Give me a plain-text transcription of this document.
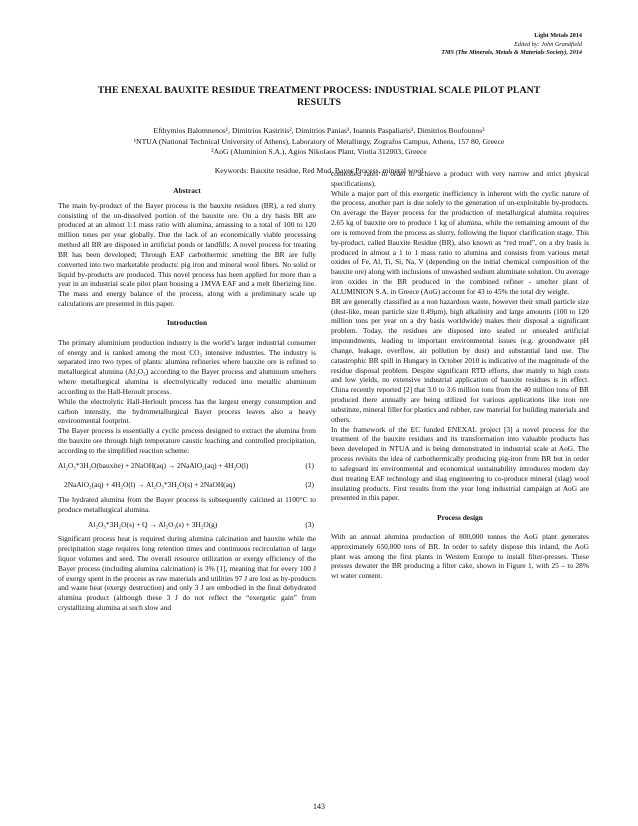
Light Metals 2014
Edited by: John Grandfield
TMS (The Minerals, Metals & Materials Society), 2014
THE ENEXAL BAUXITE RESIDUE TREATMENT PROCESS: INDUSTRIAL SCALE PILOT PLANT
RESULTS
Efthymios Balomnenos¹, Dimitrios Kastritis², Dimitrios Panias¹, Ioannis Paspaliaris¹, Dimitrios Boufounos²
¹NTUA (National Technical University of Athens), Laboratory of Metallurgy, Zografos Campus, Athens, 157 80, Greece
²AoG (Aluminion S.A.), Agios Nikolaos Plant, Viotia 312003, Greece
Keywords: Bauxite residue, Red Mud, Bayer Process, mineral wool

Abstract

The main by-product of the Bayer process is the bauxite residues (BR), a red slurry consisting of the un-dissolved portion of the bauxite ore. On a dry basis BR are produced at an almost 1:1 mass ratio with alumina, amassing to a total of 100 to 120 million tones per year globally. Due the lack of an economically viable processing method all BR are disposed in artificial ponds or landfills. A novel process for treating BR has been developed; Through EAF carbothermic smelting the BR are fully converted into two marketable products: pig iron and mineral wool fibers. No solid or liquid by-products are produced. This novel process has been applied for more than a year in an industrial scale pilot plant housing a 1MVA EAF and a melt fiberizing line. The mass and energy balance of the process, along with a preliminary scale up calculations are presented in this paper.

Introduction

The primary aluminium production industry is the world’s larger industrial consumer of energy and is ranked among the most CO₂ intensive industries. The industry is separated into two types of plants: alumina refineries where bauxite ore is refined to metallurgical alumina (Al₂O₃) according to the Bayer process and aluminum smelters where metallurgical alumina is electrolytically reduced into metallic aluminum according to the Hall-Heroult process.

While the electrolytic Hall-Herloult process has the largest energy consumption and carbon intensity, the hydrometallurgical Bayer process leaves also a heavy environmental footprint.

The Bayer process is essentially a cyclic process designed to extract the alumina from the bauxite ore through high temperature caustic leaching and controlled precipitation, according to the simplified reaction scheme:

Al₂O₃*3H₂O(bauxite) + 2NaOH(aq) → 2NaAlO₂(aq) + 4H₂O(l)	(1)
2NaAlO₂(aq) + 4H₂O(l) → Al₂O₃*3H₂O(s) + 2NaOH(aq)	(2)

The hydrated alumina from the Bayer process is subsequently calcined at 1100°C to produce metallurgical alumina.

Al₂O₃*3H₂O(s) + Q → Al₂O₃(s) + 3H₂O(g)	(3)

Significant process heat is required during alumina calcination and bauxite while the precipitation stage requires long retention times and continuous recirculation of large liquor volumes and seed. The overall resource utilization or exergy efficiency of the Bayer process (including alumina calcination) is 3% [1], meaning that for every 100 J of exergy spent in the process as raw materials and utilities 97 J are lost as by-products and waste heat (exergy destruction) and only 3 J are embodied in the final dehydrated alumina product (although these 3 J do not reflect the “exergetic gain” from crystallizing alumina at such slow and

controlled rates in order to achieve a product with very narrow and strict physical specifications).

While a major part of this exergetic inefficiency is inherent with the cyclic nature of the process, another part is due solely to the generation of un-exploitable by-products. On average the Bayer process for the production of metallurgical alumina requires 2.65 kg of bauxite ore to produce 1 kg of alumina, while the remaining amount of the ore is removed from the process as slurry, following the liquor clarification stage. This by-product, called Bauxite Residue (BR), also known as “red mud”, on a dry basis is produced in almost a 1 to 1 mass ratio to alumina and consists from various metal oxides of Fe, Al, Ti, Si, Na, V (depending on the initial chemical composition of the bauxite ore) along with inclusions of unwashed sodium aluminate solution. On average iron oxides in the BR produced in the combined refiner - smelter plant of ALUMINION S.A. in Greece (AoG) account for 43 to 45% the total dry weight.

BR are generally classified as a non hazardous waste, however their small particle size (dust-like, mean particle size 0.49μm), high alkalinity and large amounts (100 to 120 million tons per year on a dry basis worldwide) makes their disposal a significant problem. Today, the residues are disposed into sealed or unsealed artificial impoundments, leading to important environmental issues (e.g. groundwater pH change, leakage, overflow, air pollution by dust) and substantial land use. The catastrophic BR spill in Hungary in October 2010 is indicative of the magnitude of the residue disposal problem. Despite significant RTD efforts, due mainly to high costs and low yields, no extensive industrial application of bauxite residues is in effect. China recently reported [2] that 3.0 to 3.6 million tons from the 40 million tons of BR produced there annually are being utilized for various applications like iron ore substitute, mineral filler for plastics and rubber, raw material for building materials and others.

In the framework of the EC funded ENEXAL project [3] a novel process for the treatment of the bauxite residues and its transformation into valuable products has been developed in NTUA and is being demonstrated in industrial scale at AoG. The process revisits the idea of carbothermically producing pig-iron from BR but in order to safeguard its environmental and economical sustainability introduces modern day dust treating EAF technology and slag engineering to co-produce mineral (slag) wool insulating products. First results from the year long industrial campaign at AoG are presented in this paper.

Process design

With an annual alumina production of 800,000 tonnes the AoG plant generates approximately 650,000 tons of BR. In order to safely dispose this inland, the AoG plant was among the first plants in Western Europe to install filter-presses. These presses dewater the BR producing a filter cake, shown in Figure 1, with 25 – to 28% wt water content.

143
